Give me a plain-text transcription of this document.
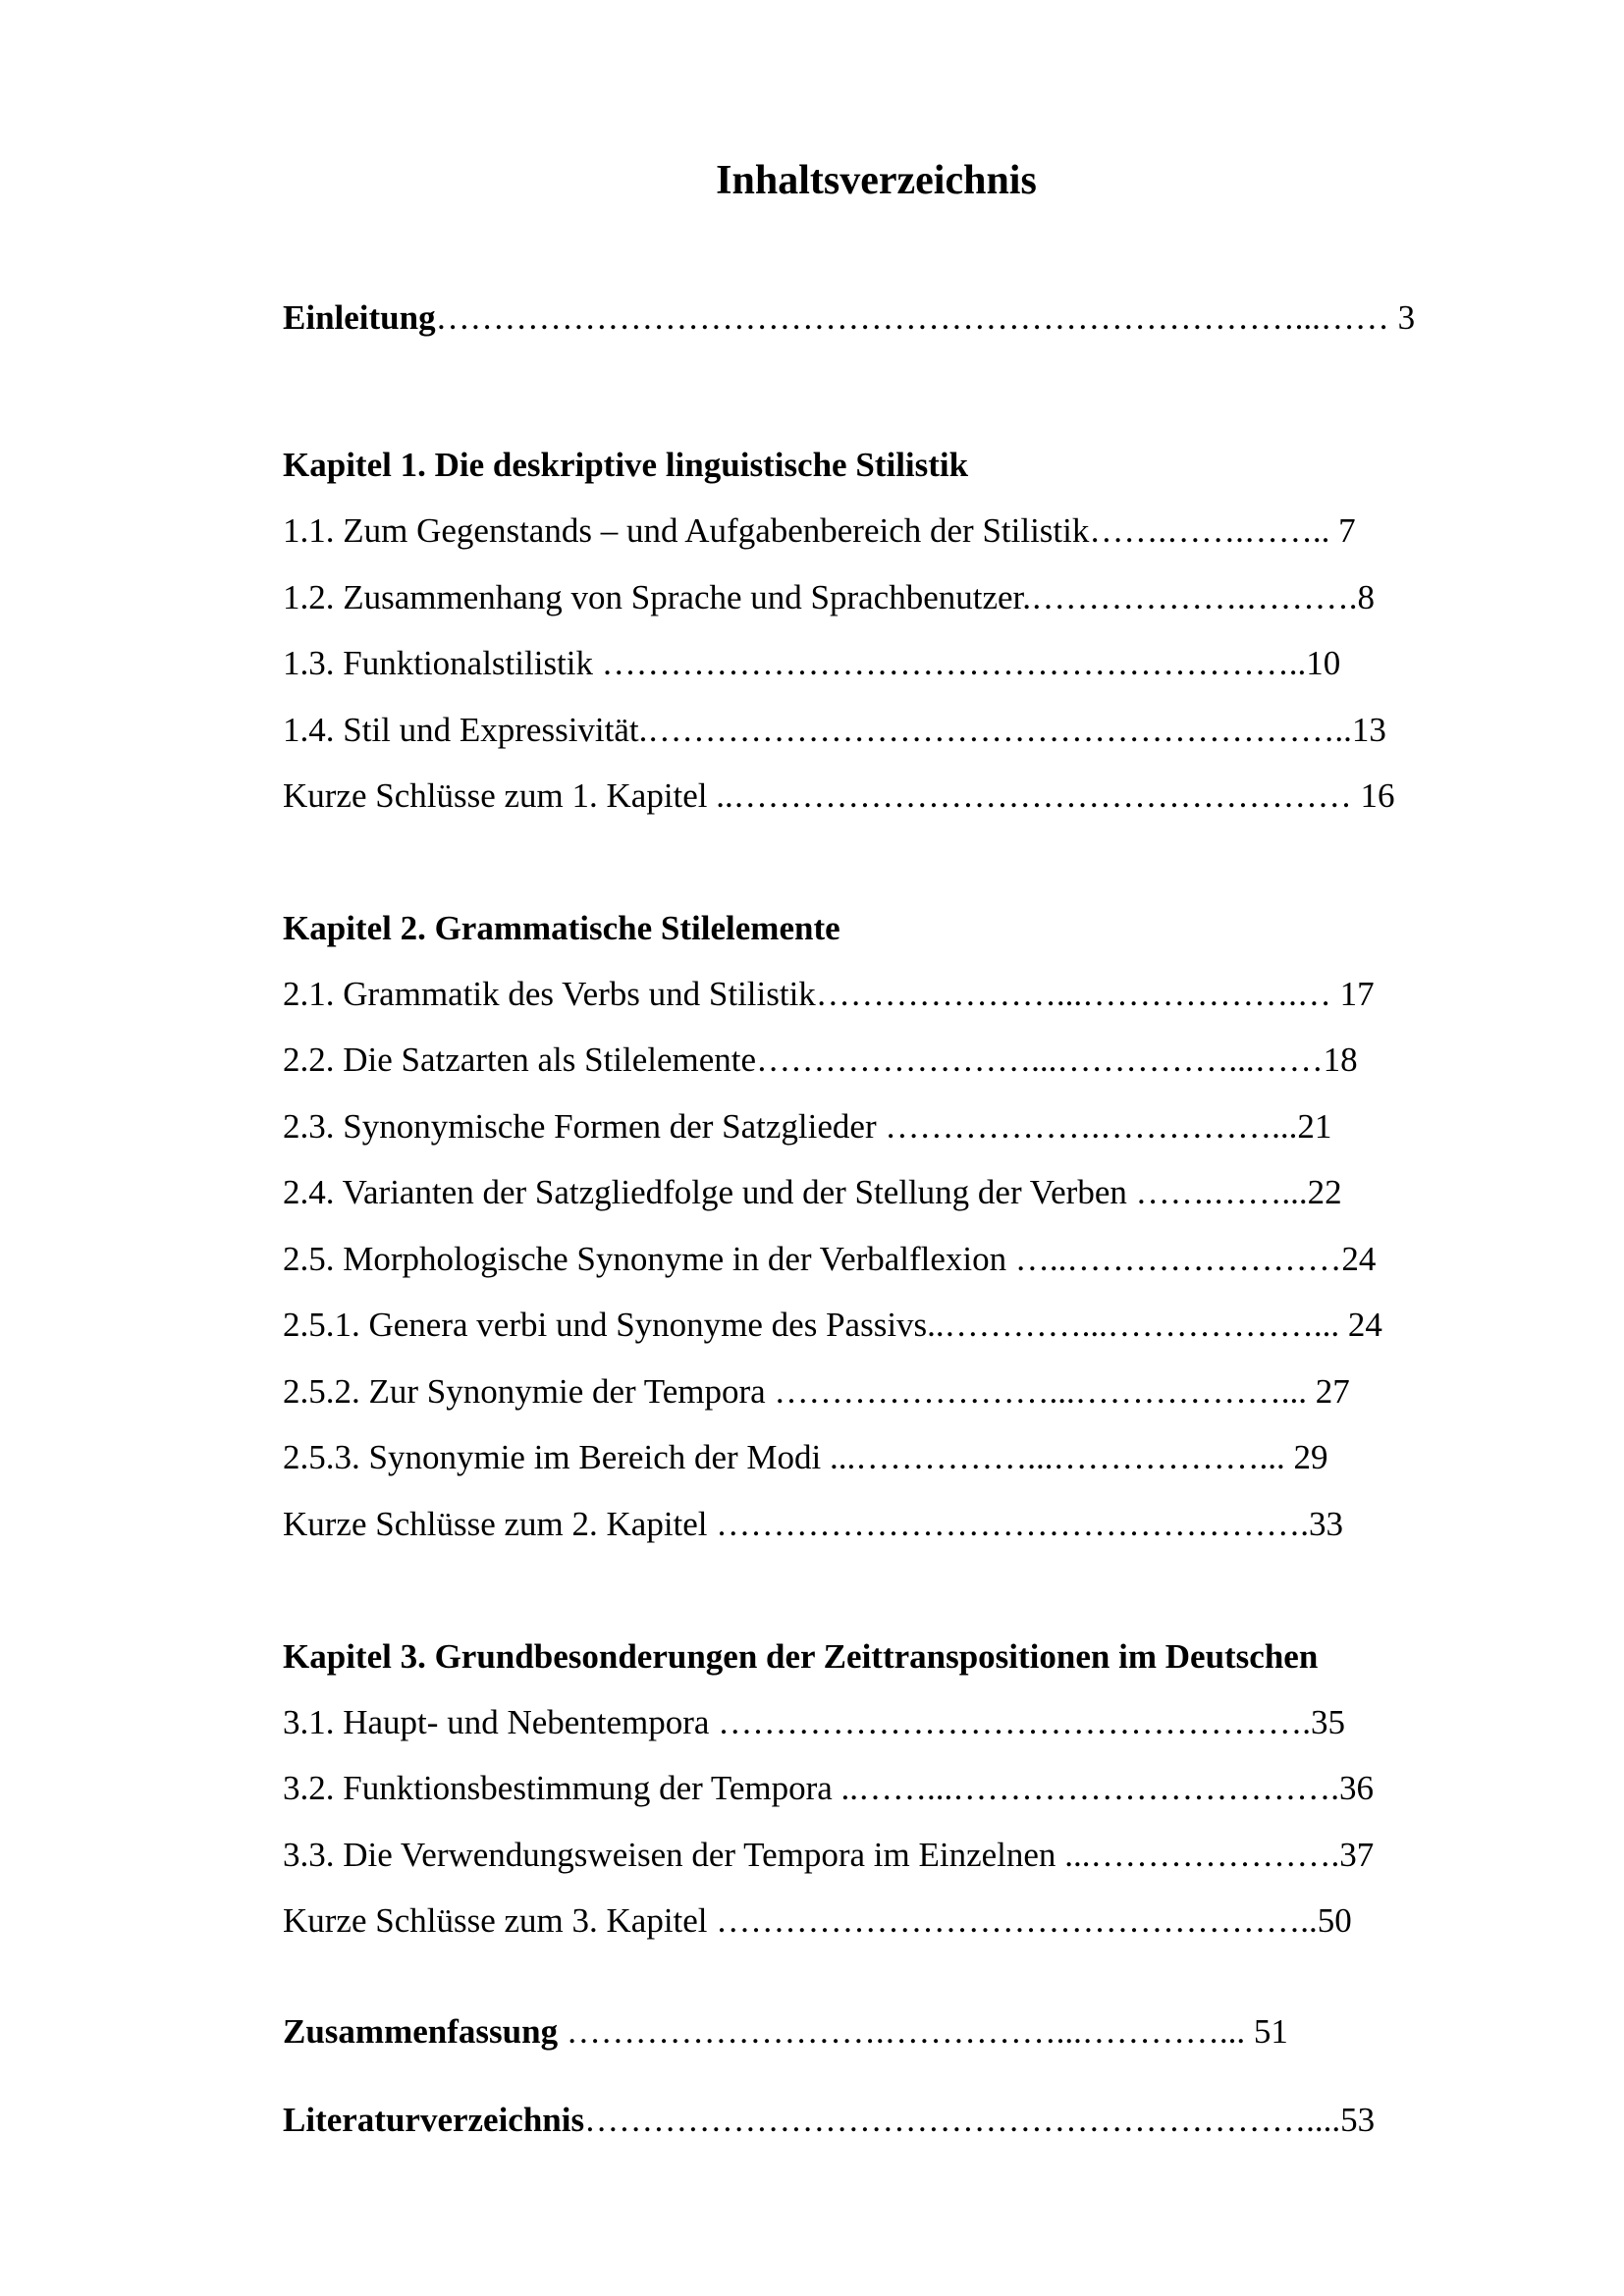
Inhaltsverzeichnis
Einleitung…………………………………………………………………...…… 3
Kapitel 1. Die deskriptive linguistische Stilistik
1.1. Zum Gegenstands – und Aufgabenbereich der Stilistik…….…….…….. 7
1.2. Zusammenhang von Sprache und Sprachbenutzer.……………….……….8
1.3. Funktionalstilistik ……………………………………………………..10
1.4. Stil und Expressivität.……………………………………………………..13
Kurze Schlüsse zum 1. Kapitel ..……………………………………………… 16
Kapitel 2. Grammatische Stilelemente
2.1. Grammatik des Verbs und Stilistik…………………...……………….… 17
2.2. Die Satzarten als Stilelemente……………………...……………...……18
2.3. Synonymische Formen der Satzglieder ……………….……………...21
2.4. Varianten der Satzgliedfolge und der Stellung der Verben …….……...22
2.5. Morphologische Synonyme in der Verbalflexion …..……………………24
2.5.1. Genera verbi und Synonyme des Passivs..…………...………………... 24
2.5.2. Zur Synonymie der Tempora ……………………...………………... 27
2.5.3. Synonymie im Bereich der Modi ...……………...………………... 29
Kurze Schlüsse zum 2. Kapitel …………………………………………….33
Kapitel 3. Grundbesonderungen der Zeittranspositionen im Deutschen
3.1. Haupt- und Nebentempora …………………………………………….35
3.2. Funktionsbestimmung der Tempora ..……...…………………………….36
3.3. Die Verwendungsweisen der Tempora im Einzelnen ...………………….37
Kurze Schlüsse zum 3. Kapitel ……………………………………………..50
Zusammenfassung ……………………….……………...…………... 51
Literaturverzeichnis………………………………………………………....53
